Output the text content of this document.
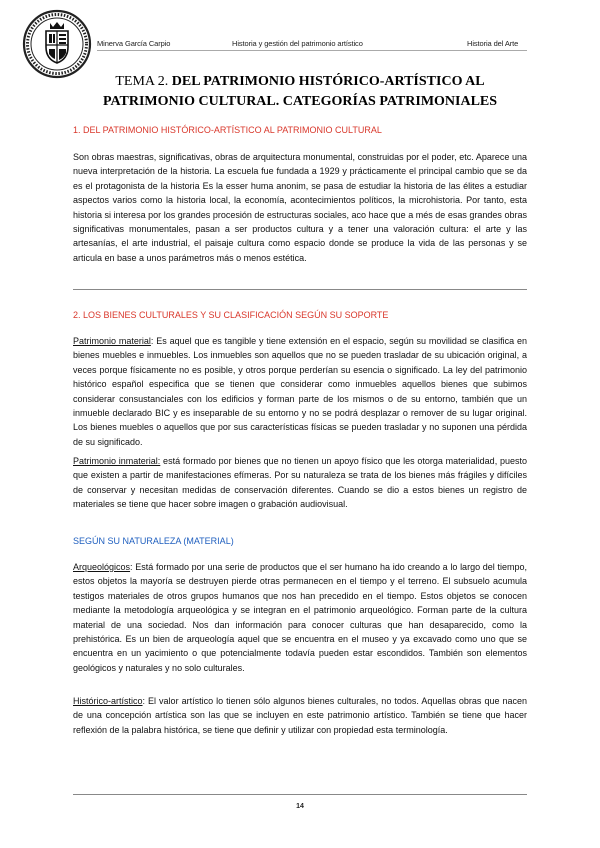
Minerva García Carpio	Historia y gestión del patrimonio artístico	Historia del Arte
TEMA 2. DEL PATRIMONIO HISTÓRICO-ARTÍSTICO AL PATRIMONIO CULTURAL. CATEGORÍAS PATRIMONIALES
1. DEL PATRIMONIO HISTÓRICO-ARTÍSTICO AL PATRIMONIO CULTURAL

Son obras maestras, significativas, obras de arquitectura monumental, construidas por el poder, etc. Aparece una nueva interpretación de la historia. La escuela fue fundada a 1929 y prácticamente el principal cambio que se da es el protagonista de la historia Es la esser huma anonim, se pasa de estudiar la historia de las élites a estudiar aspectos varios como la historia local, la economía, acontecimientos políticos, la microhistoria. Por tanto, esta historia si interesa por los grandes procesión de estructuras sociales, aco hace que a més de esas grandes obras significativas monumentales, pasan a ser productos cultura y a tener una valoración cultura: el arte y las artesanías, el arte industrial, el paisaje cultura como espacio donde se produce la vida de las personas y se articula en base a unos parámetros más o menos estética.

2. LOS BIENES CULTURALES Y SU CLASIFICACIÓN SEGÚN SU SOPORTE

Patrimonio material: Es aquel que es tangible y tiene extensión en el espacio, según su movilidad se clasifica en bienes muebles e inmuebles. Los inmuebles son aquellos que no se pueden trasladar de su ubicación original, a veces porque físicamente no es posible, y otros porque perderían su esencia o significado. La ley del patrimonio histórico español especifica que se tienen que considerar como inmuebles aquellos bienes que subimos considerar consustanciales con los edificios y forman parte de los mismos o de su entorno, también que un inmueble declarado BIC y es inseparable de su entorno y no se podrá desplazar o remover de su lugar original. Los bienes muebles o aquellos que por sus características físicas se pueden trasladar y no suponen una pérdida de su significado.

Patrimonio inmaterial: está formado por bienes que no tienen un apoyo físico que les otorga materialidad, puesto que existen a partir de manifestaciones efímeras. Por su naturaleza se trata de los bienes más frágiles y difíciles de conservar y necesitan medidas de conservación diferentes. Cuando se dio a estos bienes un registro de materiales se tiene que hacer sobre imagen o grabación audiovisual.

SEGÚN SU NATURALEZA (MATERIAL)

Arqueológicos: Está formado por una serie de productos que el ser humano ha ido creando a lo largo del tiempo, estos objetos la mayoría se destruyen pierde otras permanecen en el tiempo y el terreno. El subsuelo acumula testigos materiales de otros grupos humanos que nos han precedido en el tiempo. Estos objetos se conocen mediante la metodología arqueológica y se integran en el patrimonio arqueológico. Forman parte de la cultura material de una sociedad. Nos dan información para conocer culturas que han desaparecido, como la prehistórica. Es un bien de arqueología aquel que se encuentra en el museo y ya excavado como uno que se encuentra en un yacimiento o que potencialmente todavía pueden estar escondidos. También son elementos geológicos y naturales y no solo culturales.

Histórico-artístico: El valor artístico lo tienen sólo algunos bienes culturales, no todos. Aquellas obras que nacen de una concepción artística son las que se incluyen en este patrimonio artístico. También se tiene que hacer reflexión de la palabra histórica, se tiene que definir y utilizar con propiedad esta terminología.

14
